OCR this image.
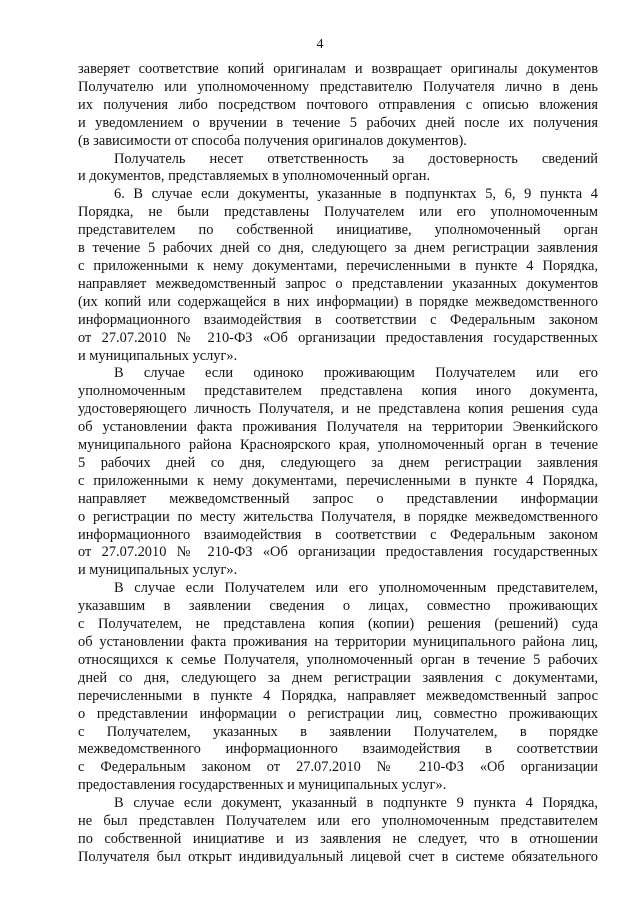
4

заверяет соответствие копий оригиналам и возвращает оригиналы документов
Получателю или уполномоченному представителю Получателя лично в день
их получения либо посредством почтового отправления с описью вложения
и уведомлением о вручении в течение 5 рабочих дней после их получения
(в зависимости от способа получения оригиналов документов).

Получатель несет ответственность за достоверность сведений
и документов, представляемых в уполномоченный орган.

6. В случае если документы, указанные в подпунктах 5, 6, 9 пункта 4
Порядка, не были представлены Получателем или его уполномоченным
представителем по собственной инициативе, уполномоченный орган
в течение 5 рабочих дней со дня, следующего за днем регистрации заявления
с приложенными к нему документами, перечисленными в пункте 4 Порядка,
направляет межведомственный запрос о представлении указанных документов
(их копий или содержащейся в них информации) в порядке межведомственного
информационного взаимодействия в соответствии с Федеральным законом
от 27.07.2010 № 210-ФЗ «Об организации предоставления государственных
и муниципальных услуг».

В случае если одиноко проживающим Получателем или его
уполномоченным представителем представлена копия иного документа,
удостоверяющего личность Получателя, и не представлена копия решения суда
об установлении факта проживания Получателя на территории Эвенкийского
муниципального района Красноярского края, уполномоченный орган в течение
5 рабочих дней со дня, следующего за днем регистрации заявления
с приложенными к нему документами, перечисленными в пункте 4 Порядка,
направляет межведомственный запрос о представлении информации
о регистрации по месту жительства Получателя, в порядке межведомственного
информационного взаимодействия в соответствии с Федеральным законом
от 27.07.2010 № 210-ФЗ «Об организации предоставления государственных
и муниципальных услуг».

В случае если Получателем или его уполномоченным представителем,
указавшим в заявлении сведения о лицах, совместно проживающих
с Получателем, не представлена копия (копии) решения (решений) суда
об установлении факта проживания на территории муниципального района лиц,
относящихся к семье Получателя, уполномоченный орган в течение 5 рабочих
дней со дня, следующего за днем регистрации заявления с документами,
перечисленными в пункте 4 Порядка, направляет межведомственный запрос
о представлении информации о регистрации лиц, совместно проживающих
с Получателем, указанных в заявлении Получателем, в порядке
межведомственного информационного взаимодействия в соответствии
с Федеральным законом от 27.07.2010 № 210-ФЗ «Об организации
предоставления государственных и муниципальных услуг».

В случае если документ, указанный в подпункте 9 пункта 4 Порядка,
не был представлен Получателем или его уполномоченным представителем
по собственной инициативе и из заявления не следует, что в отношении
Получателя был открыт индивидуальный лицевой счет в системе обязательного
